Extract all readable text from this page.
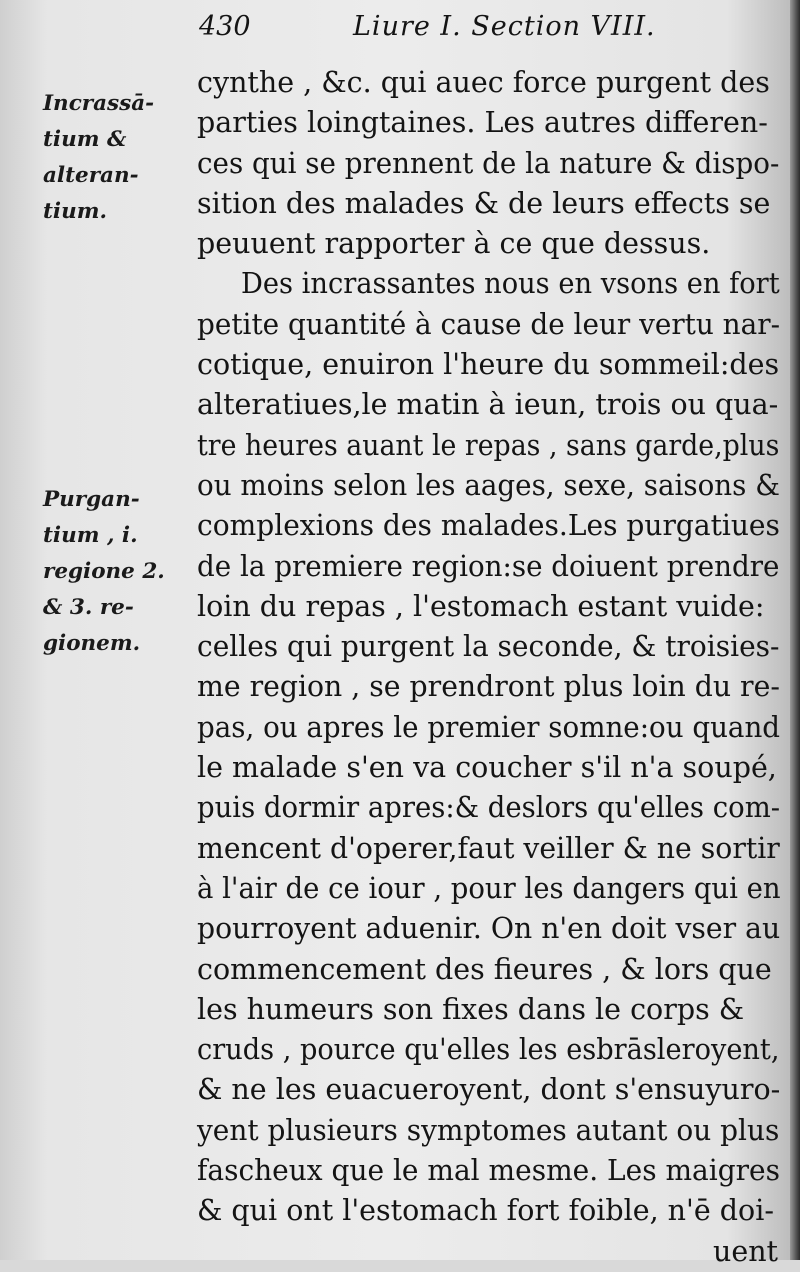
430	Liure I. Section VIII.
Incrassā-
tium &
alteran-
tium.
Purgan-
tium , i.
regione 2.
& 3. re-
gionem.
cynthe , &c. qui auec force purgent des
parties loingtaines. Les autres differen-
ces qui se prennent de la nature & dispo-
sition des malades & de leurs effects se
peuuent rapporter à ce que dessus.
Des incrassantes nous en vsons en fort
petite quantité à cause de leur vertu nar-
cotique, enuiron l'heure du sommeil:des
alteratiues,le matin à ieun, trois ou qua-
tre heures auant le repas , sans garde,plus
ou moins selon les aages, sexe, saisons &
complexions des malades.Les purgatiues
de la premiere region:se doiuent prendre
loin du repas , l'estomach estant vuide:
celles qui purgent la seconde, & troisies-
me region , se prendront plus loin du re-
pas, ou apres le premier somne:ou quand
le malade s'en va coucher s'il n'a soupé,
puis dormir apres:& deslors qu'elles com-
mencent d'operer,faut veiller & ne sortir
à l'air de ce iour , pour les dangers qui en
pourroyent aduenir. On n'en doit vser au
commencement des fieures , & lors que
les humeurs son fixes dans le corps &
cruds , pource qu'elles les esbrāsleroyent,
& ne les euacueroyent, dont s'ensuyuro-
yent plusieurs symptomes autant ou plus
fascheux que le mal mesme. Les maigres
& qui ont l'estomach fort foible, n'ē doi-
uent
